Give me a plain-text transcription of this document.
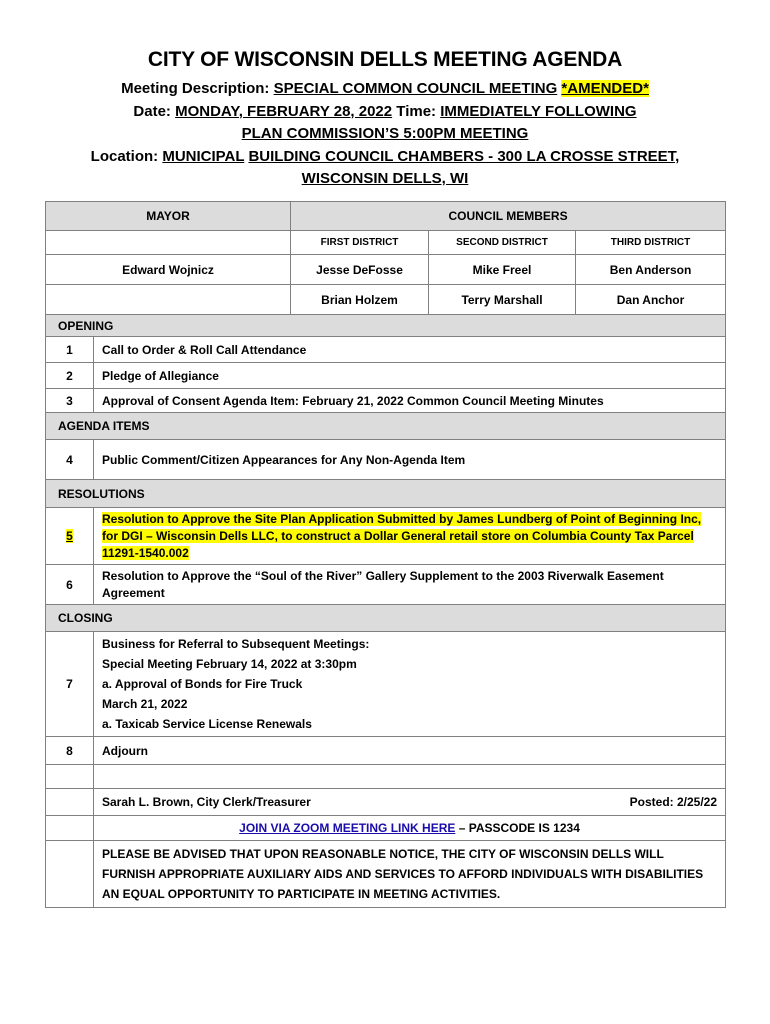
CITY OF WISCONSIN DELLS MEETING AGENDA
Meeting Description: SPECIAL COMMON COUNCIL MEETING *AMENDED*
Date: MONDAY, FEBRUARY 28, 2022 Time: IMMEDIATELY FOLLOWING
PLAN COMMISSION’S 5:00PM MEETING
Location: MUNICIPAL BUILDING COUNCIL CHAMBERS - 300 LA CROSSE STREET,
WISCONSIN DELLS, WI
MAYOR		COUNCIL MEMBERS		
		FIRST DISTRICT	SECOND DISTRICT	THIRD DISTRICT
Edward Wojnicz		Jesse DeFosse	Mike Freel	Ben Anderson
		Brian Holzem	Terry Marshall	Dan Anchor
OPENING				
1	Call to Order & Roll Call Attendance			
2	Pledge of Allegiance			
3	Approval of Consent Agenda Item: February 21, 2022 Common Council Meeting Minutes			
AGENDA ITEMS				
4	Public Comment/Citizen Appearances for Any Non-Agenda Item			
RESOLUTIONS				
5	Resolution to Approve the Site Plan Application Submitted by James Lundberg of Point of Beginning Inc, for DGI – Wisconsin Dells LLC, to construct a Dollar General retail store on Columbia County Tax Parcel 11291-1540.002			
6	Resolution to Approve the “Soul of the River” Gallery Supplement to the 2003 Riverwalk Easement Agreement			
CLOSING				
7	Business for Referral to Subsequent Meetings:
Special Meeting February 14, 2022 at 3:30pm
a. Approval of Bonds for Fire Truck
March 21, 2022
a. Taxicab Service License Renewals			

8	Adjourn			

	Sarah L. Brown, City Clerk/Treasurer Posted: 2/25/22			

	JOIN VIA ZOOM MEETING LINK HERE – PASSCODE IS 1234			
	PLEASE BE ADVISED THAT UPON REASONABLE NOTICE, THE CITY OF WISCONSIN DELLS WILL FURNISH APPROPRIATE AUXILIARY AIDS AND SERVICES TO AFFORD INDIVIDUALS WITH DISABILITIES AN EQUAL OPPORTUNITY TO PARTICIPATE IN MEETING ACTIVITIES.			
